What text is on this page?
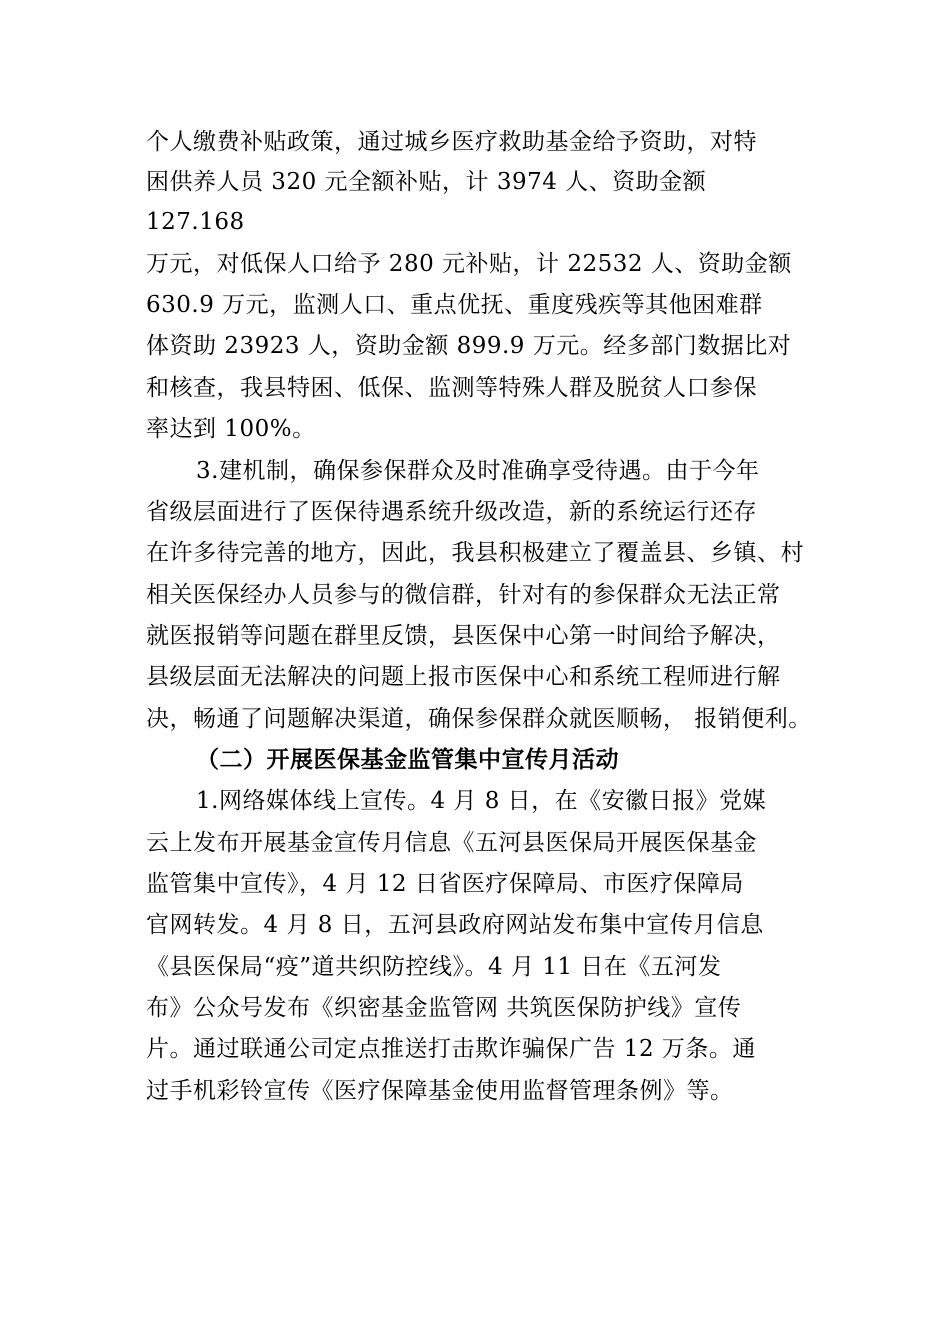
个人缴费补贴政策，通过城乡医疗救助基金给予资助，对特
困供养人员 320 元全额补贴，计 3974 人、资助金额
127.168
万元，对低保人口给予 280 元补贴，计 22532 人、资助金额
630.9 万元，监测人口、重点优抚、重度残疾等其他困难群
体资助 23923 人，资助金额 899.9 万元。经多部门数据比对
和核查，我县特困、低保、监测等特殊人群及脱贫人口参保
率达到 100%。
3.建机制，确保参保群众及时准确享受待遇。由于今年
省级层面进行了医保待遇系统升级改造，新的系统运行还存
在许多待完善的地方，因此，我县积极建立了覆盖县、乡镇、村
相关医保经办人员参与的微信群，针对有的参保群众无法正常
就医报销等问题在群里反馈，县医保中心第一时间给予解决，
县级层面无法解决的问题上报市医保中心和系统工程师进行解
决，畅通了问题解决渠道，确保参保群众就医顺畅， 报销便利。
（二）开展医保基金监管集中宣传月活动
1.网络媒体线上宣传。4 月 8 日，在《安徽日报》党媒
云上发布开展基金宣传月信息《五河县医保局开展医保基金
监管集中宣传》，4 月 12 日省医疗保障局、市医疗保障局
官网转发。4 月 8 日，五河县政府网站发布集中宣传月信息
《县医保局“疫”道共织防控线》。4 月 11 日在《五河发
布》公众号发布《织密基金监管网 共筑医保防护线》宣传
片。通过联通公司定点推送打击欺诈骗保广告 12 万条。通
过手机彩铃宣传《医疗保障基金使用监督管理条例》等。
